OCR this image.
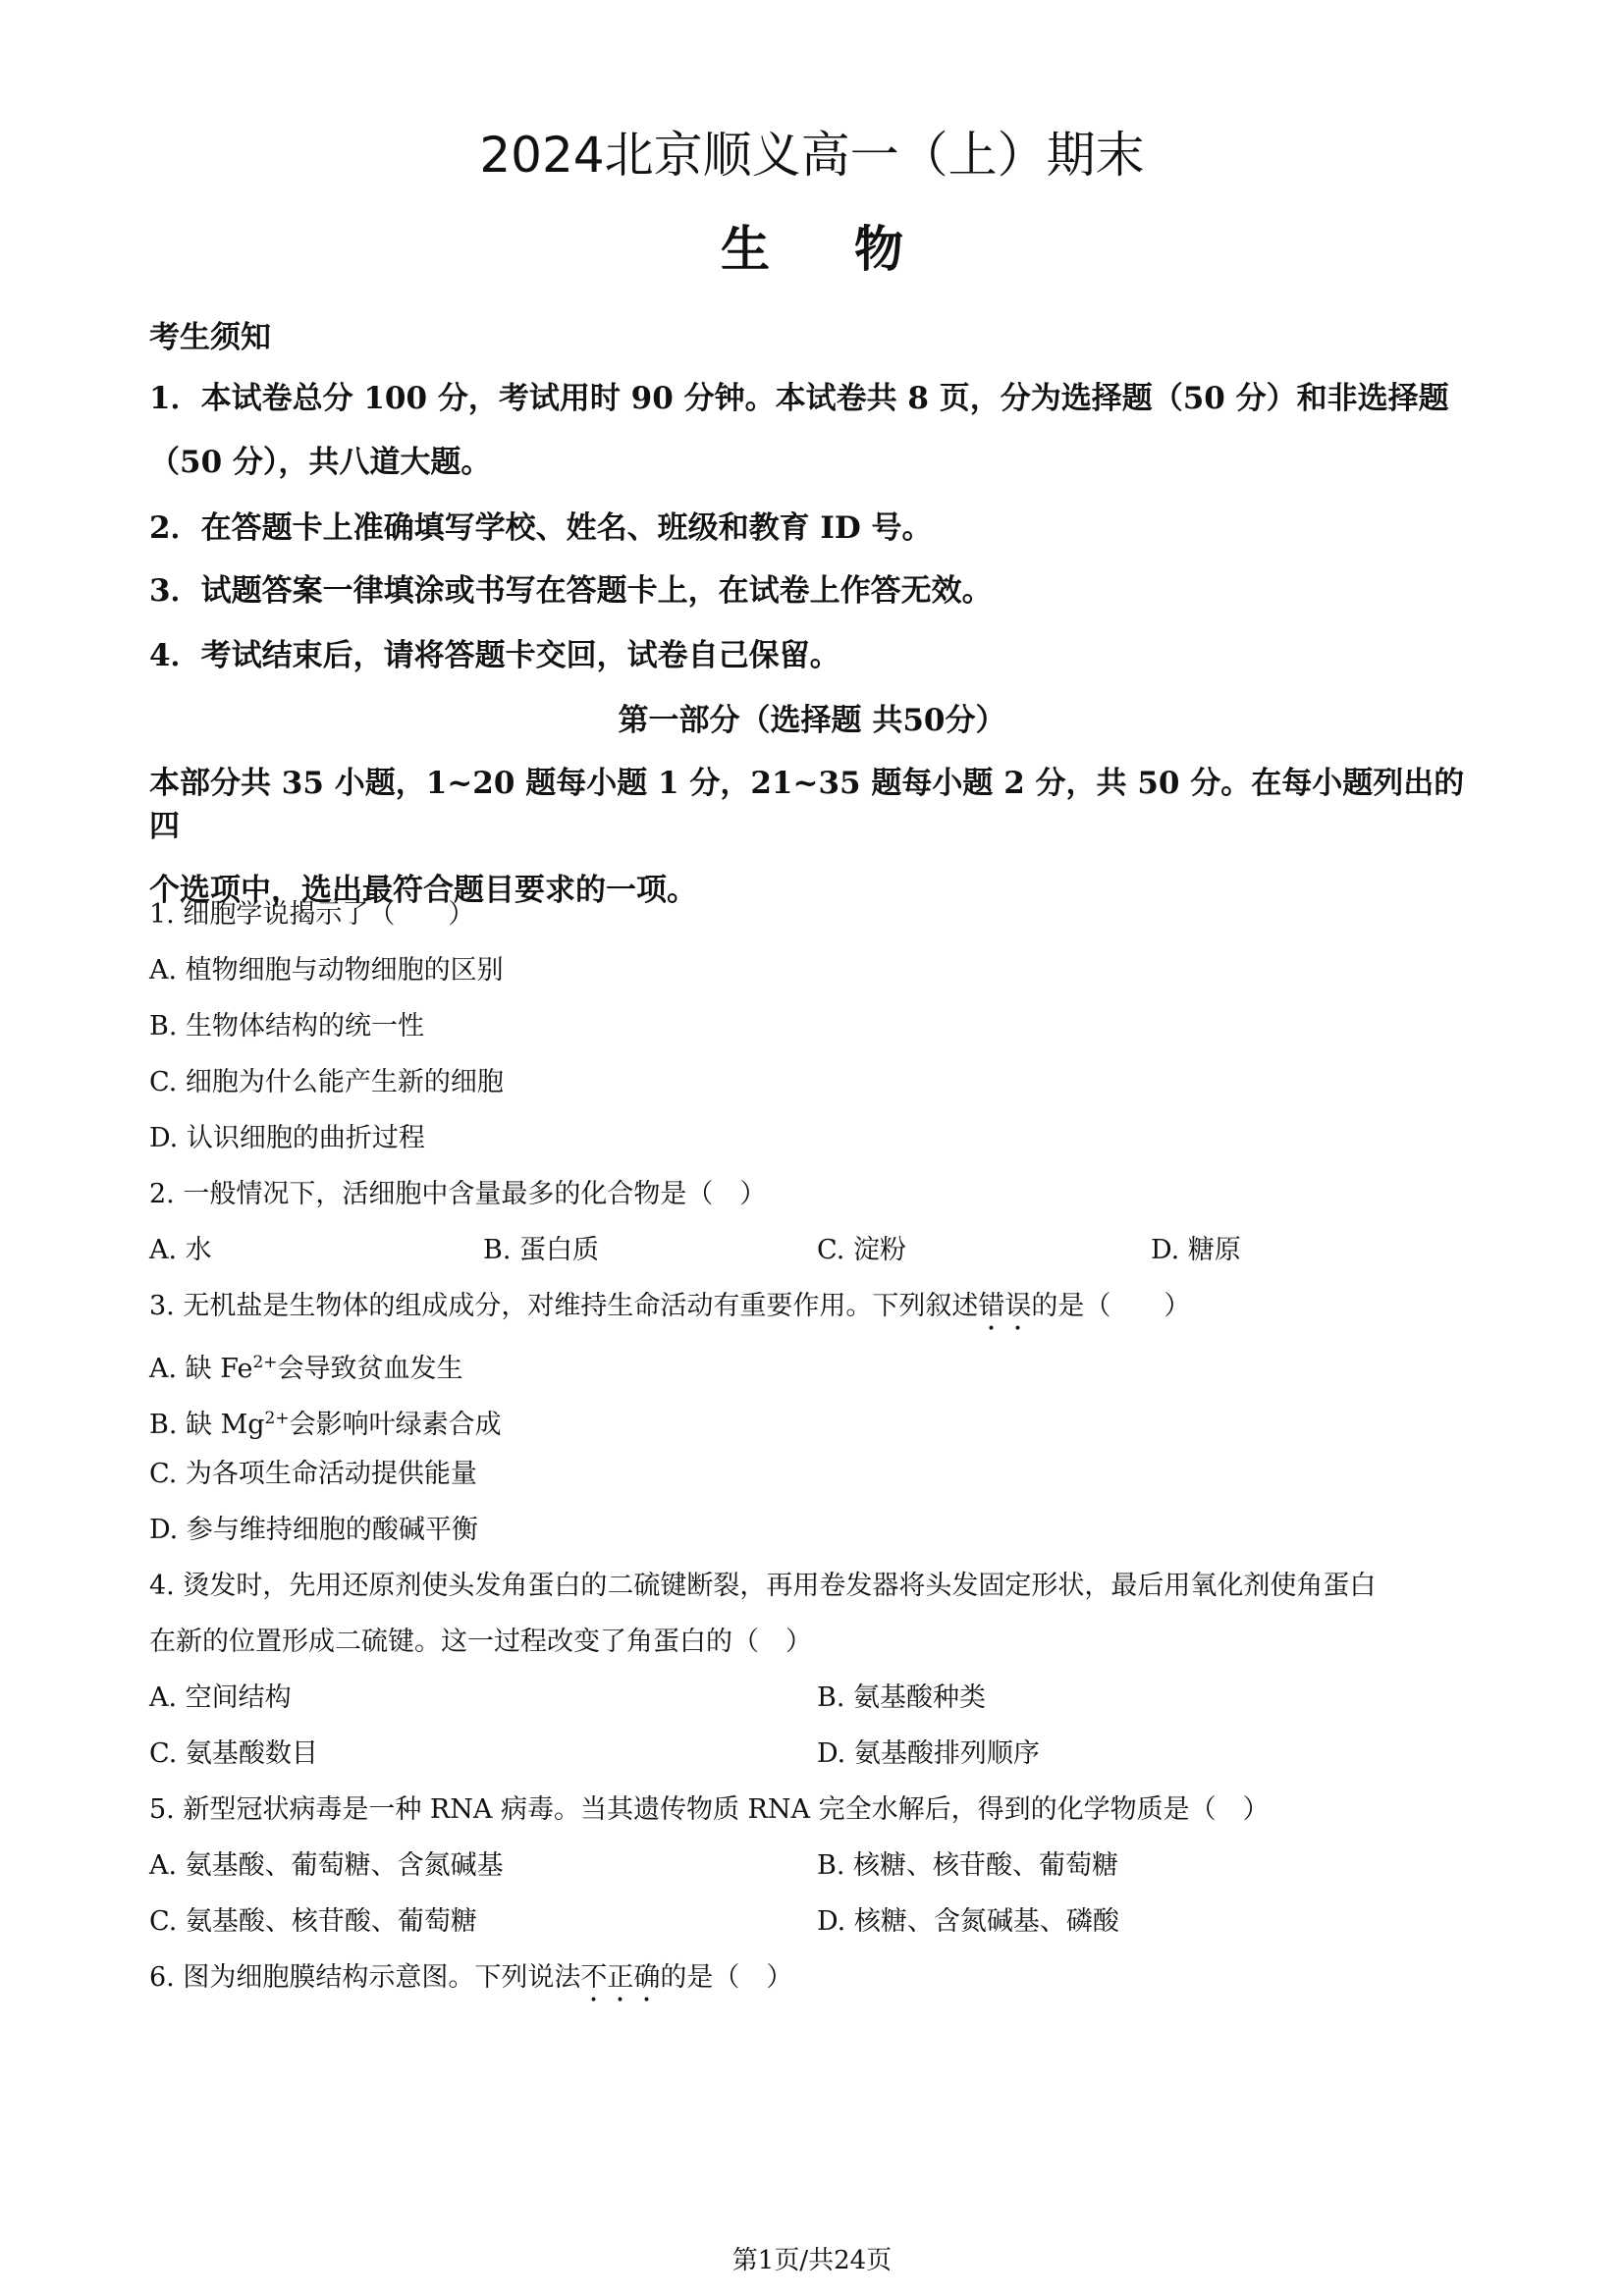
2024北京顺义高一（上）期末
生物
考生须知
1．本试卷总分 100 分，考试用时 90 分钟。本试卷共 8 页，分为选择题（50 分）和非选择题
（50 分），共八道大题。
2．在答题卡上准确填写学校、姓名、班级和教育 ID 号。
3．试题答案一律填涂或书写在答题卡上，在试卷上作答无效。
4．考试结束后，请将答题卡交回，试卷自己保留。
第一部分（选择题 共50分）
本部分共 35 小题，1~20 题每小题 1 分，21~35 题每小题 2 分，共 50 分。在每小题列出的四
个选项中，选出最符合题目要求的一项。
1. 细胞学说揭示了（　　）
A. 植物细胞与动物细胞的区别
B. 生物体结构的统一性
C. 细胞为什么能产生新的细胞
D. 认识细胞的曲折过程
2. 一般情况下，活细胞中含量最多的化合物是（　）
A. 水	B. 蛋白质	C. 淀粉	D. 糖原
3. 无机盐是生物体的组成成分，对维持生命活动有重要作用。下列叙述错误的是（　　）
A. 缺 $Fe^{2+}$会导致贫血发生
B. 缺 $Mg^{2+}$会影响叶绿素合成
C. 为各项生命活动提供能量
D. 参与维持细胞的酸碱平衡
4. 烫发时，先用还原剂使头发角蛋白的二硫键断裂，再用卷发器将头发固定形状，最后用氧化剂使角蛋白
在新的位置形成二硫键。这一过程改变了角蛋白的（　）
A. 空间结构	B. 氨基酸种类
C. 氨基酸数目	D. 氨基酸排列顺序
5. 新型冠状病毒是一种 RNA 病毒。当其遗传物质 RNA 完全水解后，得到的化学物质是（　）
A. 氨基酸、葡萄糖、含氮碱基	B. 核糖、核苷酸、葡萄糖
C. 氨基酸、核苷酸、葡萄糖	D. 核糖、含氮碱基、磷酸
6. 图为细胞膜结构示意图。下列说法不正确的是（　）
第1页/共24页
